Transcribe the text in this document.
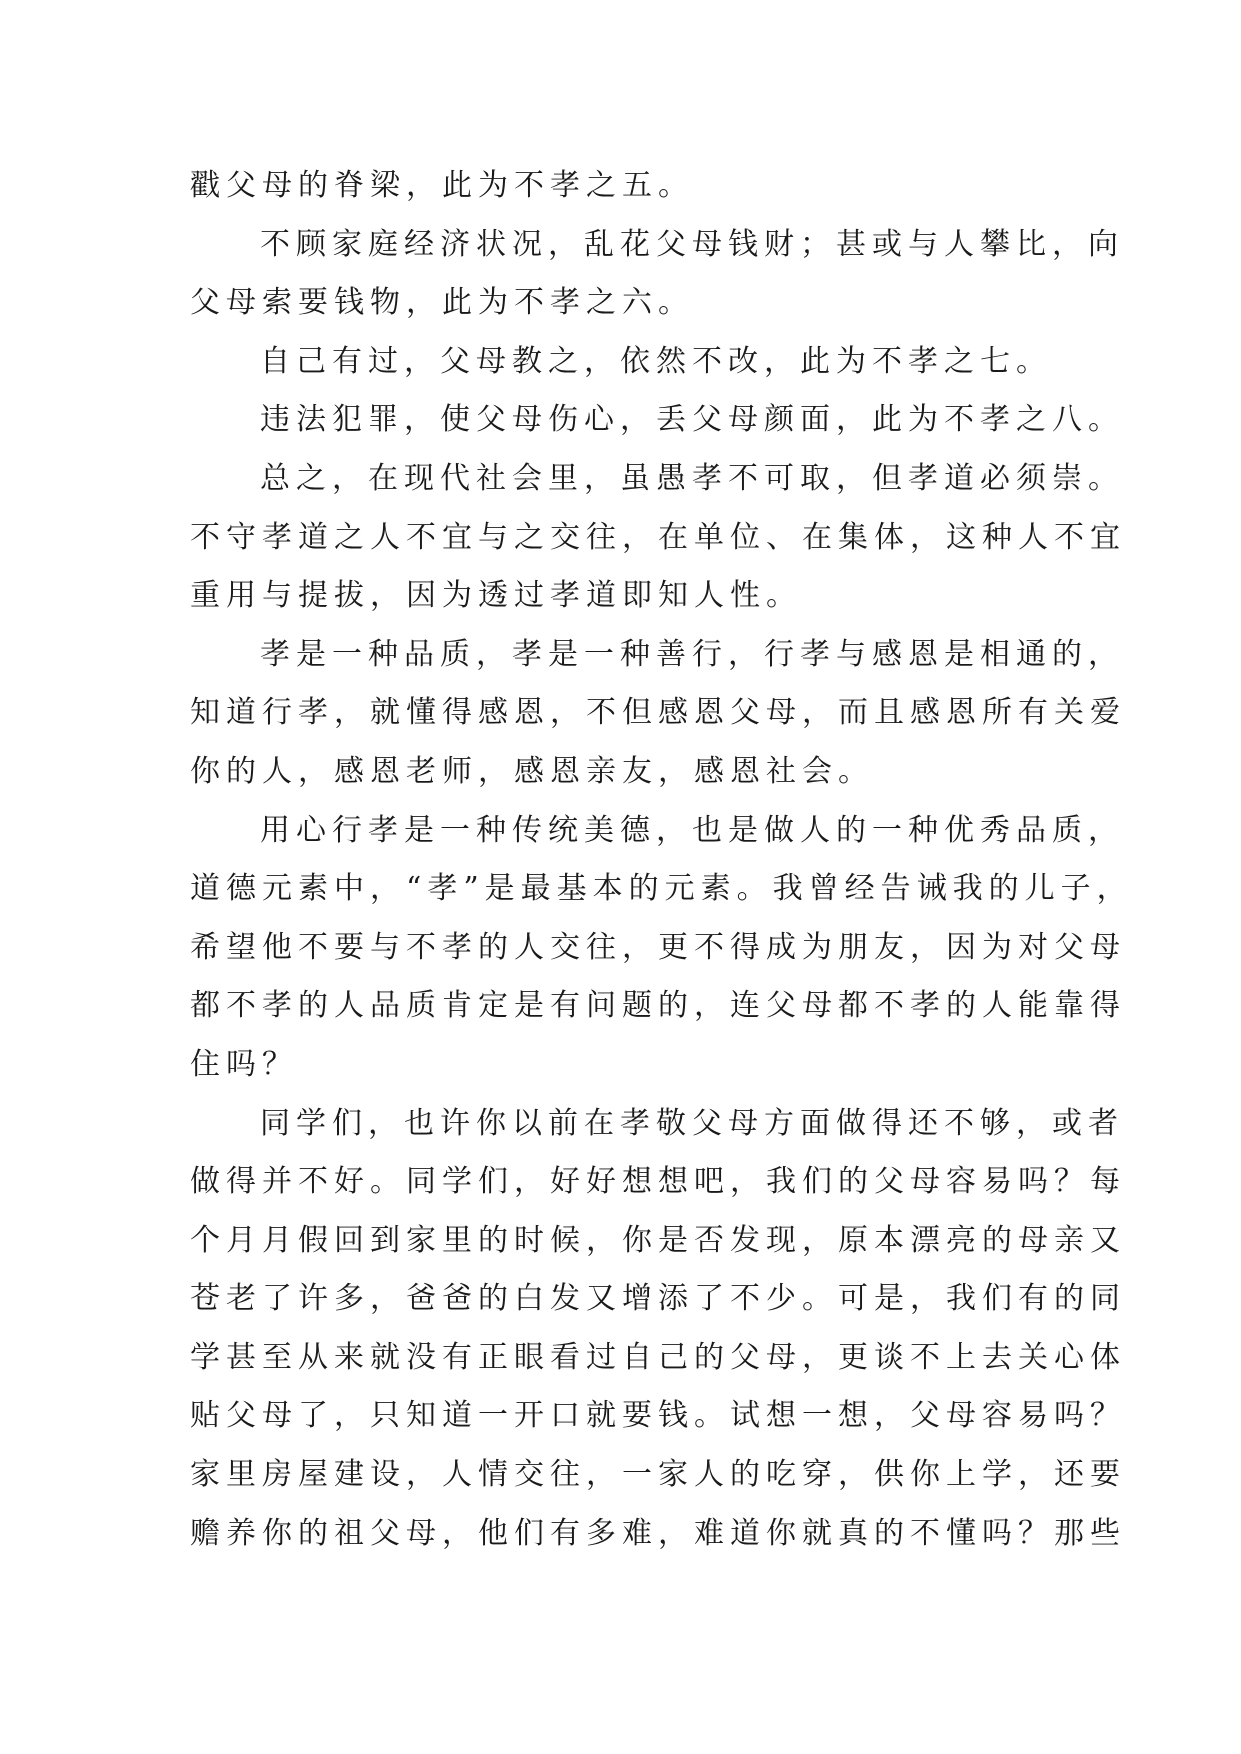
戳父母的脊梁，此为不孝之五。
不顾家庭经济状况，乱花父母钱财；甚或与人攀比，向
父母索要钱物，此为不孝之六。
自己有过，父母教之，依然不改，此为不孝之七。
违法犯罪，使父母伤心，丢父母颜面，此为不孝之八。
总之，在现代社会里，虽愚孝不可取，但孝道必须崇。
不守孝道之人不宜与之交往，在单位、在集体，这种人不宜
重用与提拔，因为透过孝道即知人性。
孝是一种品质，孝是一种善行，行孝与感恩是相通的，
知道行孝，就懂得感恩，不但感恩父母，而且感恩所有关爱
你的人，感恩老师，感恩亲友，感恩社会。
用心行孝是一种传统美德，也是做人的一种优秀品质，
道德元素中，“孝”是最基本的元素。我曾经告诫我的儿子，
希望他不要与不孝的人交往，更不得成为朋友，因为对父母
都不孝的人品质肯定是有问题的，连父母都不孝的人能靠得
住吗？
同学们，也许你以前在孝敬父母方面做得还不够，或者
做得并不好。同学们，好好想想吧，我们的父母容易吗？每
个月月假回到家里的时候，你是否发现，原本漂亮的母亲又
苍老了许多，爸爸的白发又增添了不少。可是，我们有的同
学甚至从来就没有正眼看过自己的父母，更谈不上去关心体
贴父母了，只知道一开口就要钱。试想一想，父母容易吗？
家里房屋建设，人情交往，一家人的吃穿，供你上学，还要
赡养你的祖父母，他们有多难，难道你就真的不懂吗？那些
